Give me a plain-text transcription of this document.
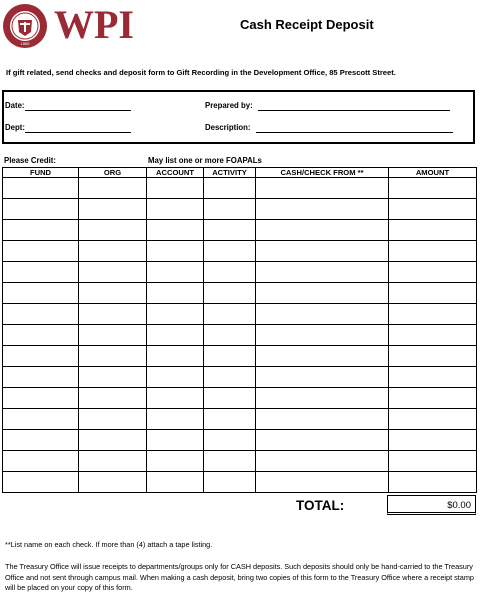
1865 WPI	Cash Receipt Deposit
If gift related, send checks and deposit form to Gift Recording in the Development Office, 85 Prescott Street.
Date:	Prepared by:
Dept:	Description:
Please Credit:	May list one or more FOAPALs
FUND	ORG	ACCOUNT	ACTIVITY	CASH/CHECK FROM **	AMOUNT

TOTAL:	$0.00
**List name on each check. If more than (4) attach a tape listing.
The Treasury Office will issue receipts to departments/groups only for CASH deposits. Such deposits should only be hand-carried to the Treasury Office and not sent through campus mail. When making a cash deposit, bring two copies of this form to the Treasury Office where a receipt stamp will be placed on your copy of this form.
